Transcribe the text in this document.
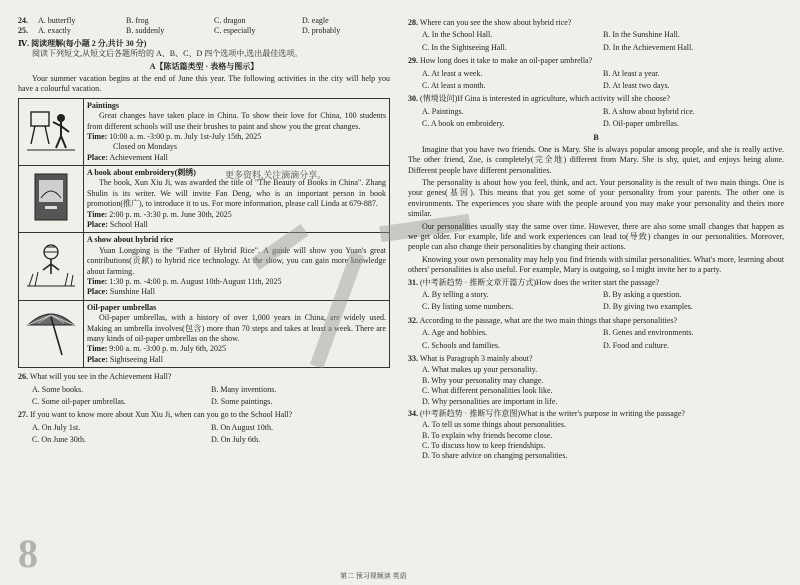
24.	A. butterfly	B. frog	C. dragon	D. eagle
25.	A. exactly	B. suddenly	C. especially	D. probably
Ⅳ. 阅读理解(每小题 2 分,共计 30 分)
阅读下列短文,从短文后各题所给的 A、B、C、D 四个选项中,选出最佳选项。
A【陈话篇类型 · 表格与图示】

Your summer vacation begins at the end of June this year. The following activities in the city will help you have a colourful vacation.

Paintings
Great changes have taken place in China. To show their love for China, 100 students from different schools will use their brushes to paint and show you the great changes.
Time: 10:00 a. m. -3:00 p. m. July 1st-July 15th, 2025
Closed on Mondays
Place: Achievement Hall

A book about embroidery(刺绣)
The book, Xun Xiu Ji, was awarded the title of "The Beauty of Books in China". Zhang Shulin is its writer. We will invite Fan Deng, who is an important person in book promotion(推广), to introduce it to us. For more information, please call Linda at 679-887.
Time: 2:00 p. m. -3:30 p. m. June 30th, 2025
Place: School Hall

A show about hybrid rice
Yuan Longping is the "Father of Hybrid Rice". A guide will show you Yuan's great contributions(贡献) to hybrid rice technology. At the show, you can gain more knowledge about farming.
Time: 1:30 p. m. -4:00 p. m. August 10th-August 11th, 2025
Place: Sunshine Hall

Oil-paper umbrellas
Oil-paper umbrellas, with a history of over 1,000 years in China, are widely used. Making an umbrella involves(包含) more than 70 steps and takes at least a week. There are many kinds of oil-paper umbrellas on the show.
Time: 9:00 a. m. -3:00 p. m. July 6th, 2025
Place: Sightseeing Hall
26. What will you see in the Achievement Hall?
A. Some books.	B. Many inventions.
C. Some oil-paper umbrellas.	D. Some paintings.
27. If you want to know more about Xun Xiu Ji, when can you go to the School Hall?
A. On July 1st.	B. On August 10th.
C. On June 30th.	D. On July 6th.
更多资料,关注滴滴分享。
28. Where can you see the show about hybrid rice?
A. In the School Hall.	B. In the Sunshine Hall.
C. In the Sightseeing Hall.	D. In the Achievement Hall.
29. How long does it take to make an oil-paper umbrella?
A. At least a week.	B. At least a year.
C. At least a month.	D. At least two days.
30. (情境设问)If Gina is interested in agriculture, which activity will she choose?
A. Paintings.	B. A show about hybrid rice.
C. A book on embroidery.	D. Oil-paper umbrellas.
B

Imagine that you have two friends. One is Mary. She is always popular among people, and she is really active. The other friend, Zoe, is completely(完全地) different from Mary. She is shy, quiet, and enjoys being alone. Different people have different personalities.

The personality is about how you feel, think, and act. Your personality is the result of two main things. One is your genes(基因). This means that you get some of your personality from your parents. The other one is environments. The experiences you share with the people around you may make your personality and theirs more similar.

Our personalities usually stay the same over time. However, there are also some small changes that happen as we get older. For example, life and work experiences can lead to(导致) changes in our personalities. Moreover, people can also change their personalities by changing their actions.

Knowing your own personality may help you find friends with similar personalities. What's more, learning about others' personalities is also useful. For example, Mary is outgoing, so I might invite her to a party.

31. (中考新趋势 · 推断文章开篇方式)How does the writer start the passage?
A. By telling a story.	B. By asking a question.
C. By listing some numbers.	D. By giving two examples.
32. According to the passage, what are the two main things that shape personalities?
A. Age and hobbies.	B. Genes and environments.
C. Schools and families.	D. Food and culture.
33. What is Paragraph 3 mainly about?
A. What makes up your personality.
B. Why your personality may change.
C. What different personalities look like.
D. Why personalities are important in life.
34. (中考新趋势 · 推断写作意图)What is the writer's purpose in writing the passage?
A. To tell us some things about personalities.
B. To explain why friends become close.
C. To discuss how to keep friendships.
D. To share advice on changing personalities.
8	第二 预习视频读 英语
